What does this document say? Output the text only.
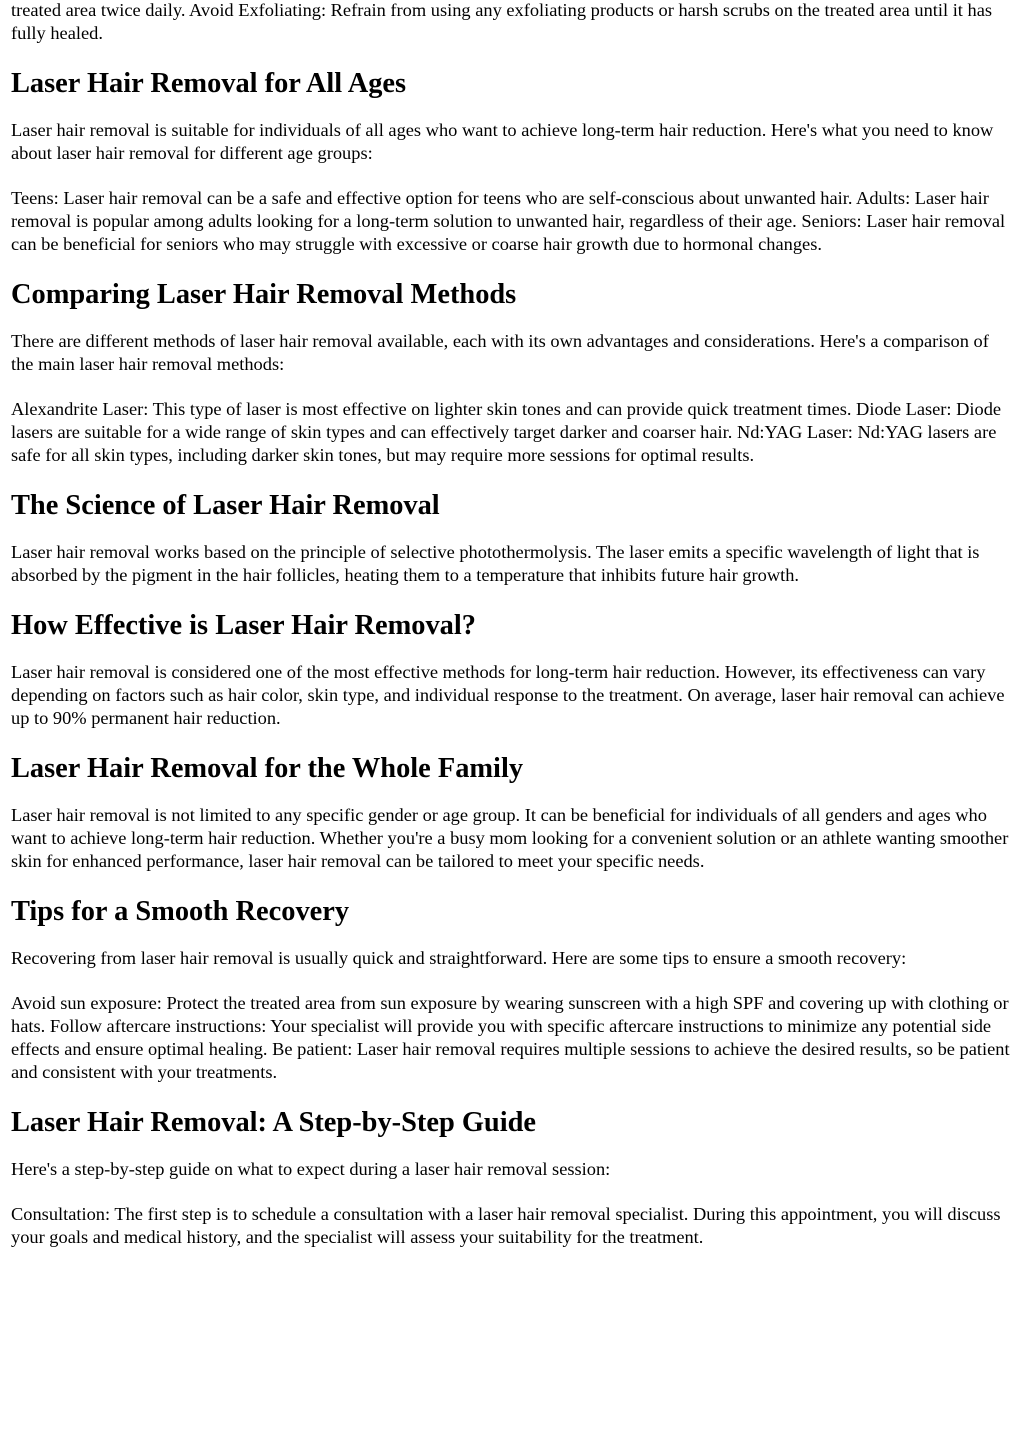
treated area twice daily. Avoid Exfoliating: Refrain from using any exfoliating products or harsh scrubs on the treated area until it has fully healed.

Laser Hair Removal for All Ages

Laser hair removal is suitable for individuals of all ages who want to achieve long-term hair reduction. Here's what you need to know about laser hair removal for different age groups:

Teens: Laser hair removal can be a safe and effective option for teens who are self-conscious about unwanted hair. Adults: Laser hair removal is popular among adults looking for a long-term solution to unwanted hair, regardless of their age. Seniors: Laser hair removal can be beneficial for seniors who may struggle with excessive or coarse hair growth due to hormonal changes.

Comparing Laser Hair Removal Methods

There are different methods of laser hair removal available, each with its own advantages and considerations. Here's a comparison of the main laser hair removal methods:

Alexandrite Laser: This type of laser is most effective on lighter skin tones and can provide quick treatment times. Diode Laser: Diode lasers are suitable for a wide range of skin types and can effectively target darker and coarser hair. Nd:YAG Laser: Nd:YAG lasers are safe for all skin types, including darker skin tones, but may require more sessions for optimal results.

The Science of Laser Hair Removal

Laser hair removal works based on the principle of selective photothermolysis. The laser emits a specific wavelength of light that is absorbed by the pigment in the hair follicles, heating them to a temperature that inhibits future hair growth.

How Effective is Laser Hair Removal?

Laser hair removal is considered one of the most effective methods for long-term hair reduction. However, its effectiveness can vary depending on factors such as hair color, skin type, and individual response to the treatment. On average, laser hair removal can achieve up to 90% permanent hair reduction.

Laser Hair Removal for the Whole Family

Laser hair removal is not limited to any specific gender or age group. It can be beneficial for individuals of all genders and ages who want to achieve long-term hair reduction. Whether you're a busy mom looking for a convenient solution or an athlete wanting smoother skin for enhanced performance, laser hair removal can be tailored to meet your specific needs.

Tips for a Smooth Recovery

Recovering from laser hair removal is usually quick and straightforward. Here are some tips to ensure a smooth recovery:

Avoid sun exposure: Protect the treated area from sun exposure by wearing sunscreen with a high SPF and covering up with clothing or hats. Follow aftercare instructions: Your specialist will provide you with specific aftercare instructions to minimize any potential side effects and ensure optimal healing. Be patient: Laser hair removal requires multiple sessions to achieve the desired results, so be patient and consistent with your treatments.

Laser Hair Removal: A Step-by-Step Guide

Here's a step-by-step guide on what to expect during a laser hair removal session:

Consultation: The first step is to schedule a consultation with a laser hair removal specialist. During this appointment, you will discuss your goals and medical history, and the specialist will assess your suitability for the treatment.
